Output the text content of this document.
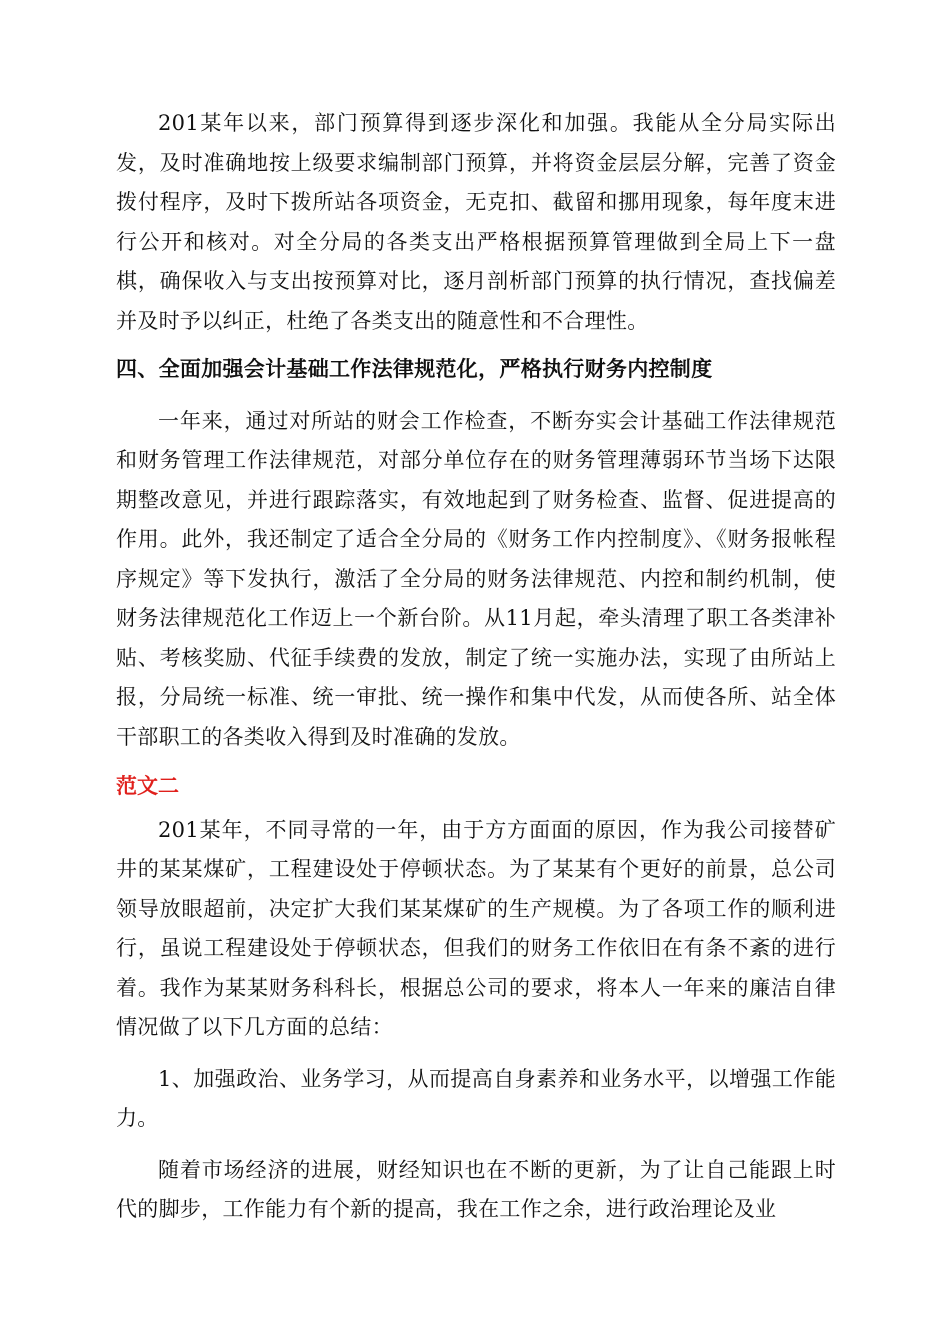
201某年以来，部门预算得到逐步深化和加强。我能从全分局实际出发，及时准确地按上级要求编制部门预算，并将资金层层分解，完善了资金拨付程序，及时下拨所站各项资金，无克扣、截留和挪用现象，每年度末进行公开和核对。对全分局的各类支出严格根据预算管理做到全局上下一盘棋，确保收入与支出按预算对比，逐月剖析部门预算的执行情况，查找偏差并及时予以纠正，杜绝了各类支出的随意性和不合理性。

四、全面加强会计基础工作法律规范化，严格执行财务内控制度

一年来，通过对所站的财会工作检查，不断夯实会计基础工作法律规范和财务管理工作法律规范，对部分单位存在的财务管理薄弱环节当场下达限期整改意见，并进行跟踪落实，有效地起到了财务检查、监督、促进提高的作用。此外，我还制定了适合全分局的《财务工作内控制度》、《财务报帐程序规定》等下发执行，激活了全分局的财务法律规范、内控和制约机制，使财务法律规范化工作迈上一个新台阶。从11月起，牵头清理了职工各类津补贴、考核奖励、代征手续费的发放，制定了统一实施办法，实现了由所站上报，分局统一标准、统一审批、统一操作和集中代发，从而使各所、站全体干部职工的各类收入得到及时准确的发放。

范文二

201某年，不同寻常的一年，由于方方面面的原因，作为我公司接替矿井的某某煤矿，工程建设处于停顿状态。为了某某有个更好的前景，总公司领导放眼超前，决定扩大我们某某煤矿的生产规模。为了各项工作的顺利进行，虽说工程建设处于停顿状态，但我们的财务工作依旧在有条不紊的进行着。我作为某某财务科科长，根据总公司的要求，将本人一年来的廉洁自律情况做了以下几方面的总结：

1、加强政治、业务学习，从而提高自身素养和业务水平，以增强工作能力。

随着市场经济的进展，财经知识也在不断的更新，为了让自己能跟上时代的脚步，工作能力有个新的提高，我在工作之余，进行政治理论及业
